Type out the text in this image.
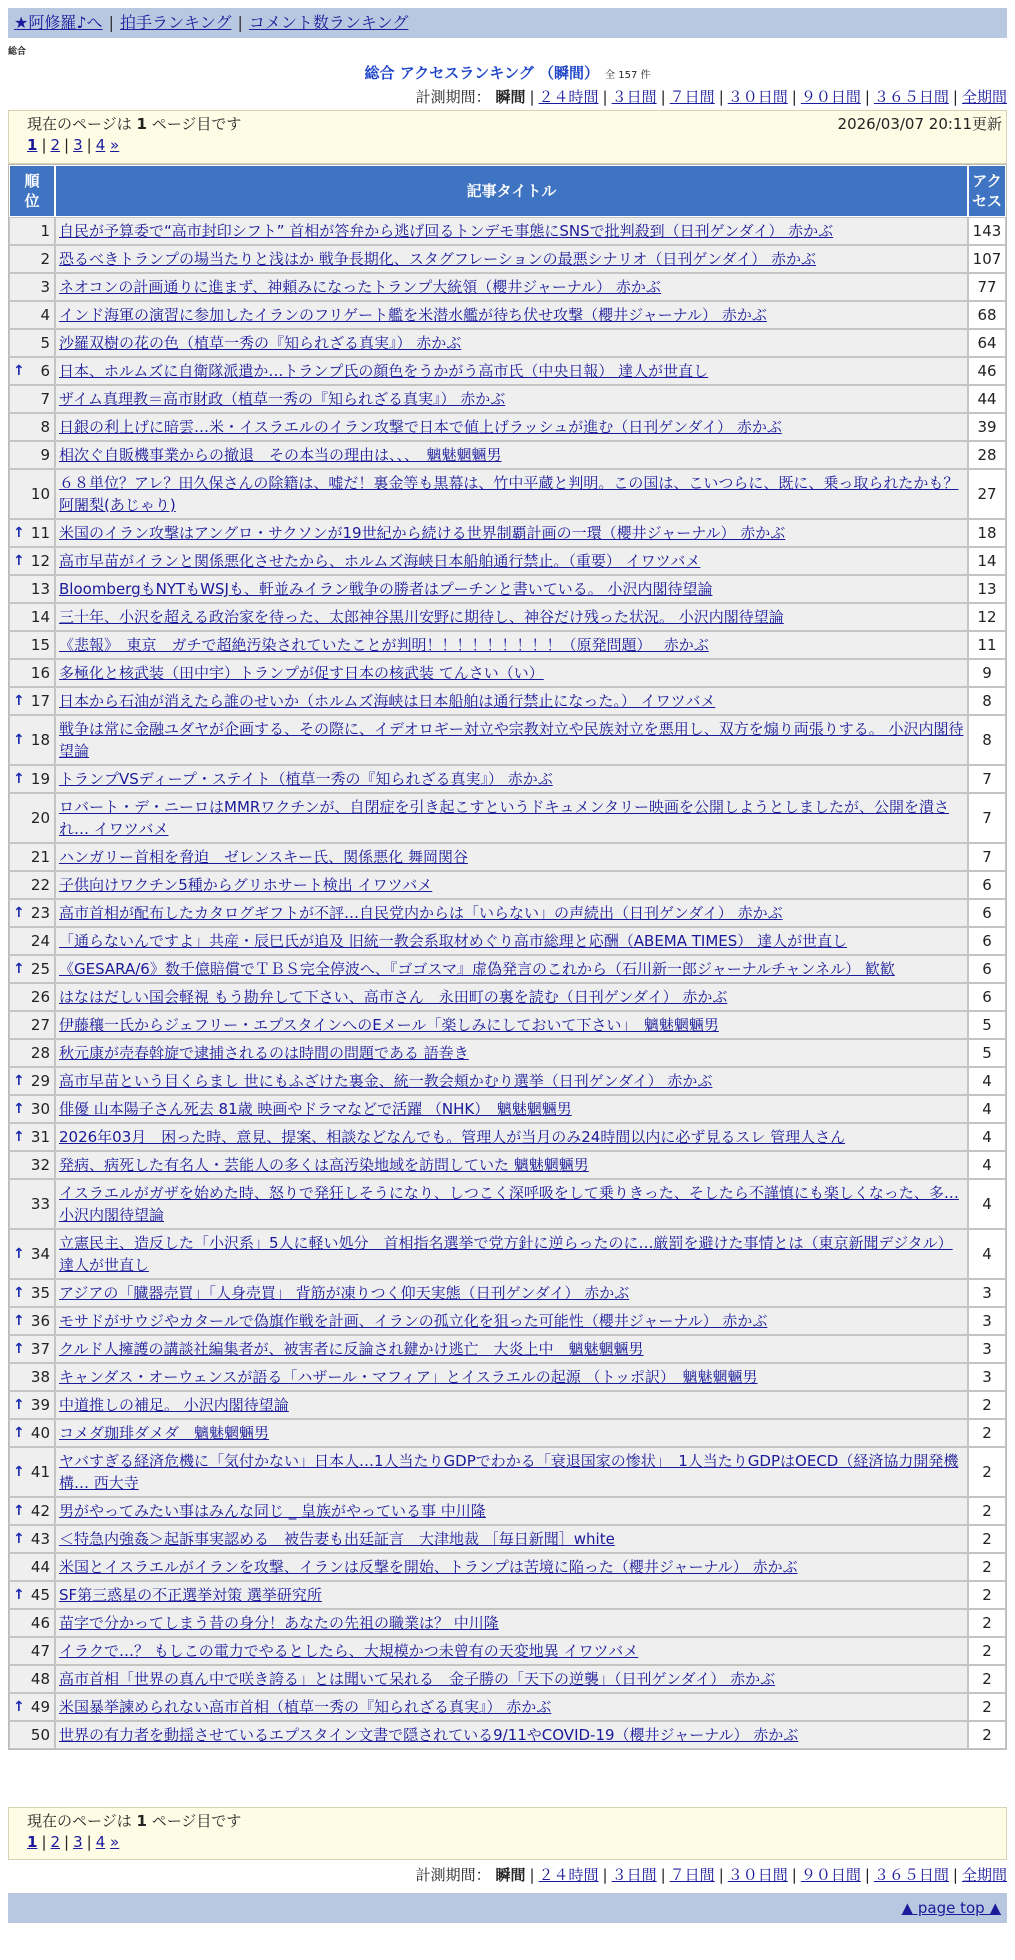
★阿修羅♪へ | 拍手ランキング | コメント数ランキング
総合
総合 アクセスランキング （瞬間） 全 157 件
計測期間： 瞬間 | ２４時間 | ３日間 | ７日間 | ３０日間 | ９０日間 | ３６５日間 | 全期間
現在のページは 1 ページ目です	2026/03/07 20:11更新
1 | 2 | 3 | 4 »
順位	記事タイトル	アクセス
1	自民が予算委で“高市封印シフト” 首相が答弁から逃げ回るトンデモ事態にSNSで批判殺到（日刊ゲンダイ） 赤かぶ	143
2	恐るべきトランプの場当たりと浅はか 戦争長期化、スタグフレーションの最悪シナリオ（日刊ゲンダイ） 赤かぶ	107
3	ネオコンの計画通りに進まず、神頼みになったトランプ大統領（櫻井ジャーナル） 赤かぶ	77
4	インド海軍の演習に参加したイランのフリゲート艦を米潜水艦が待ち伏せ攻撃（櫻井ジャーナル） 赤かぶ	68
5	沙羅双樹の花の色（植草一秀の『知られざる真実』） 赤かぶ	64

↑ 6	日本、ホルムズに自衛隊派遣か…トランプ氏の顔色をうかがう高市氏（中央日報） 達人が世直し	46
7	ザイム真理教＝高市財政（植草一秀の『知られざる真実』） 赤かぶ	44
8	日銀の利上げに暗雲…米・イスラエルのイラン攻撃で日本で値上げラッシュが進む（日刊ゲンダイ） 赤かぶ	39
9	相次ぐ自販機事業からの撤退　その本当の理由は、、、　魑魅魍魎男	28
10	６８単位？アレ？田久保さんの除籍は、嘘だ！裏金等も黒幕は、竹中平蔵と判明。この国は、こいつらに、既に、乗っ取られたかも？ 阿闍梨(あじゃり)	27

↑ 11	米国のイラン攻撃はアングロ・サクソンが19世紀から続ける世界制覇計画の一環（櫻井ジャーナル） 赤かぶ	18

↑ 12	高市早苗がイランと関係悪化させたから、ホルムズ海峡日本船舶通行禁止。（重要） イワツバメ	14
13	BloombergもNYTもWSJも、軒並みイラン戦争の勝者はプーチンと書いている。 小沢内閣待望論	13
14	三十年、小沢を超える政治家を待った、太郎神谷黒川安野に期待し、神谷だけ残った状況。 小沢内閣待望論	12
15	《悲報》　東京　ガチで超絶汚染されていたことが判明！！！！！！！！！（原発問題）　 赤かぶ	11
16	多極化と核武装（田中宇）トランプが促す日本の核武装 てんさい（い）	9

↑ 17	日本から石油が消えたら誰のせいか（ホルムズ海峡は日本船舶は通行禁止になった。） イワツバメ	8

↑ 18	戦争は常に金融ユダヤが企画する、その際に、イデオロギー対立や宗教対立や民族対立を悪用し、双方を煽り両張りする。 小沢内閣待望論	8

↑ 19	トランプVSディープ・ステイト（植草一秀の『知られざる真実』） 赤かぶ	7
20	ロバート・デ・ニーロはMMRワクチンが、自閉症を引き起こすというドキュメンタリー映画を公開しようとしましたが、公開を潰され… イワツバメ	7
21	ハンガリー首相を脅迫　ゼレンスキー氏、関係悪化 舞岡関谷	7
22	子供向けワクチン5種からグリホサート検出 イワツバメ	6

↑ 23	高市首相が配布したカタログギフトが不評…自民党内からは「いらない」の声続出（日刊ゲンダイ） 赤かぶ	6
24	「通らないんですよ」共産・辰巳氏が追及 旧統一教会系取材めぐり高市総理と応酬（ABEMA TIMES） 達人が世直し	6

↑ 25	《GESARA/6》数千億賠償でＴＢＳ完全停波へ、『ゴゴスマ』虚偽発言のこれから（石川新一郎ジャーナルチャンネル） 歓歓	6
26	はなはだしい国会軽視 もう勘弁して下さい、高市さん　永田町の裏を読む（日刊ゲンダイ） 赤かぶ	6
27	伊藤穰一氏からジェフリー・エプスタインへのEメール「楽しみにしておいて下さい」　魑魅魍魎男	5
28	秋元康が売春斡旋で逮捕されるのは時間の問題である 語巻き	5

↑ 29	高市早苗という目くらまし 世にもふざけた裏金、統一教会頬かむり選挙（日刊ゲンダイ） 赤かぶ	4

↑ 30	俳優 山本陽子さん死去 81歳 映画やドラマなどで活躍 （NHK）　魑魅魍魎男	4

↑ 31	2026年03月　困った時、意見、提案、相談などなんでも。管理人が当月のみ24時間以内に必ず見るスレ 管理人さん	4
32	発病、病死した有名人・芸能人の多くは高汚染地域を訪問していた 魑魅魍魎男	4
33	イスラエルがガザを始めた時、怒りで発狂しそうになり、しつこく深呼吸をして乗りきった、そしたら不謹慎にも楽しくなった、多… 小沢内閣待望論	4

↑ 34	立憲民主、造反した「小沢系」5人に軽い処分　首相指名選挙で党方針に逆らったのに…厳罰を避けた事情とは（東京新聞デジタル） 達人が世直し	4

↑ 35	アジアの「臓器売買」「人身売買」 背筋が凍りつく仰天実態（日刊ゲンダイ） 赤かぶ	3

↑ 36	モサドがサウジやカタールで偽旗作戦を計画、イランの孤立化を狙った可能性（櫻井ジャーナル） 赤かぶ	3

↑ 37	クルド人擁護の講談社編集者が、被害者に反論され鍵かけ逃亡　大炎上中　魑魅魍魎男	3
38	キャンダス・オーウェンスが語る「ハザール・マフィア」とイスラエルの起源 （トッポ訳）　魑魅魍魎男	3

↑ 39	中道推しの補足。 小沢内閣待望論	2

↑ 40	コメダ珈琲ダメダ　魑魅魍魎男	2

↑ 41	ヤバすぎる経済危機に「気付かない」日本人…1人当たりGDPでわかる「衰退国家の惨状」　1人当たりGDPはOECD（経済協力開発機構… 西大寺	2

↑ 42	男がやってみたい事はみんな同じ _ 皇族がやっている事 中川隆	2

↑ 43	＜特急内強姦＞起訴事実認める　被告妻も出廷証言　大津地裁 ［毎日新聞］white	2
44	米国とイスラエルがイランを攻撃、イランは反撃を開始、トランプは苦境に陥った（櫻井ジャーナル） 赤かぶ	2

↑ 45	SF第三惑星の不正選挙対策 選挙研究所	2
46	苗字で分かってしまう昔の身分！あなたの先祖の職業は？ 中川隆	2
47	イラクで…？ もしこの電力でやるとしたら、大規模かつ未曾有の天変地異 イワツバメ	2
48	高市首相「世界の真ん中で咲き誇る」とは聞いて呆れる　金子勝の「天下の逆襲」（日刊ゲンダイ） 赤かぶ	2

↑ 49	米国暴挙諫められない高市首相（植草一秀の『知られざる真実』） 赤かぶ	2
50	世界の有力者を動揺させているエプスタイン文書で隠されている9/11やCOVID-19（櫻井ジャーナル） 赤かぶ	2
現在のページは 1 ページ目です
1 | 2 | 3 | 4 »
計測期間： 瞬間 | ２４時間 | ３日間 | ７日間 | ３０日間 | ９０日間 | ３６５日間 | 全期間
▲ page top ▲
